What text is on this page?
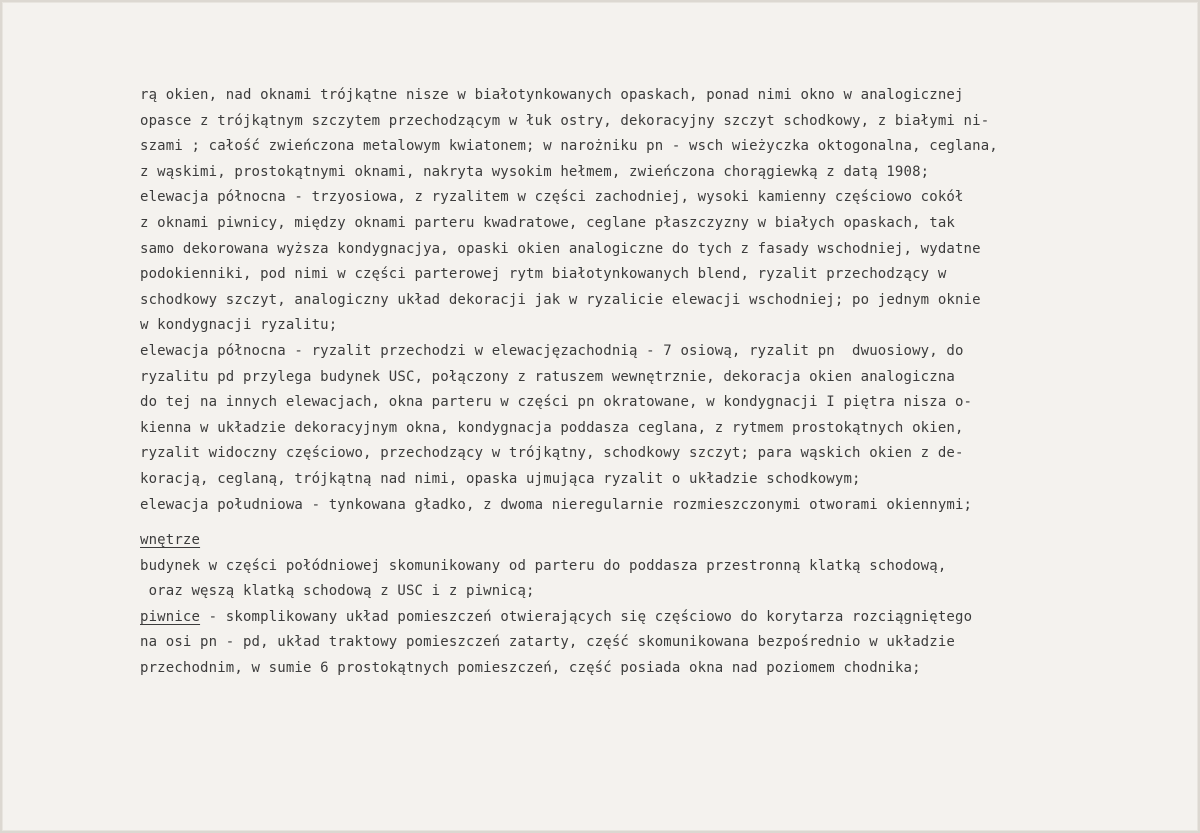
rą okien, nad oknami trójkątne nisze w białotynkowanych opaskach, ponad nimi okno w analogicznej
opasce z trójkątnym szczytem przechodzącym w łuk ostry, dekoracyjny szczyt schodkowy, z białymi ni-
szami ; całość zwieńczona metalowym kwiatonem; w narożniku pn - wsch wieżyczka oktogonalna, ceglana,
z wąskimi, prostokątnymi oknami, nakryta wysokim hełmem, zwieńczona chorągiewką z datą 1908;
elewacja północna - trzyosiowa, z ryzalitem w części zachodniej, wysoki kamienny częściowo cokół
z oknami piwnicy, między oknami parteru kwadratowe, ceglane płaszczyzny w białych opaskach, tak
samo dekorowana wyższa kondygnacjya, opaski okien analogiczne do tych z fasady wschodniej, wydatne
podokienniki, pod nimi w części parterowej rytm białotynkowanych blend, ryzalit przechodzący w
schodkowy szczyt, analogiczny układ dekoracji jak w ryzalicie elewacji wschodniej; po jednym oknie
w kondygnacji ryzalitu;
elewacja północna - ryzalit przechodzi w elewacjęzachodnią - 7 osiową, ryzalit pn  dwuosiowy, do
ryzalitu pd przylega budynek USC, połączony z ratuszem wewnętrznie, dekoracja okien analogiczna
do tej na innych elewacjach, okna parteru w części pn okratowane, w kondygnacji I piętra nisza o-
kienna w układzie dekoracyjnym okna, kondygnacja poddasza ceglana, z rytmem prostokątnych okien,
ryzalit widoczny częściowo, przechodzący w trójkątny, schodkowy szczyt; para wąskich okien z de-
koracją, ceglaną, trójkątną nad nimi, opaska ujmująca ryzalit o układzie schodkowym;
elewacja południowa - tynkowana gładko, z dwoma nieregularnie rozmieszczonymi otworami okiennymi;
wnętrze
budynek w części połódniowej skomunikowany od parteru do poddasza przestronną klatką schodową,
oraz węszą klatką schodową z USC i z piwnicą;
piwnice - skomplikowany układ pomieszczeń otwierających się częściowo do korytarza rozciągniętego
na osi pn - pd, układ traktowy pomieszczeń zatarty, część skomunikowana bezpośrednio w układzie
przechodnim, w sumie 6 prostokątnych pomieszczeń, część posiada okna nad poziomem chodnika;
